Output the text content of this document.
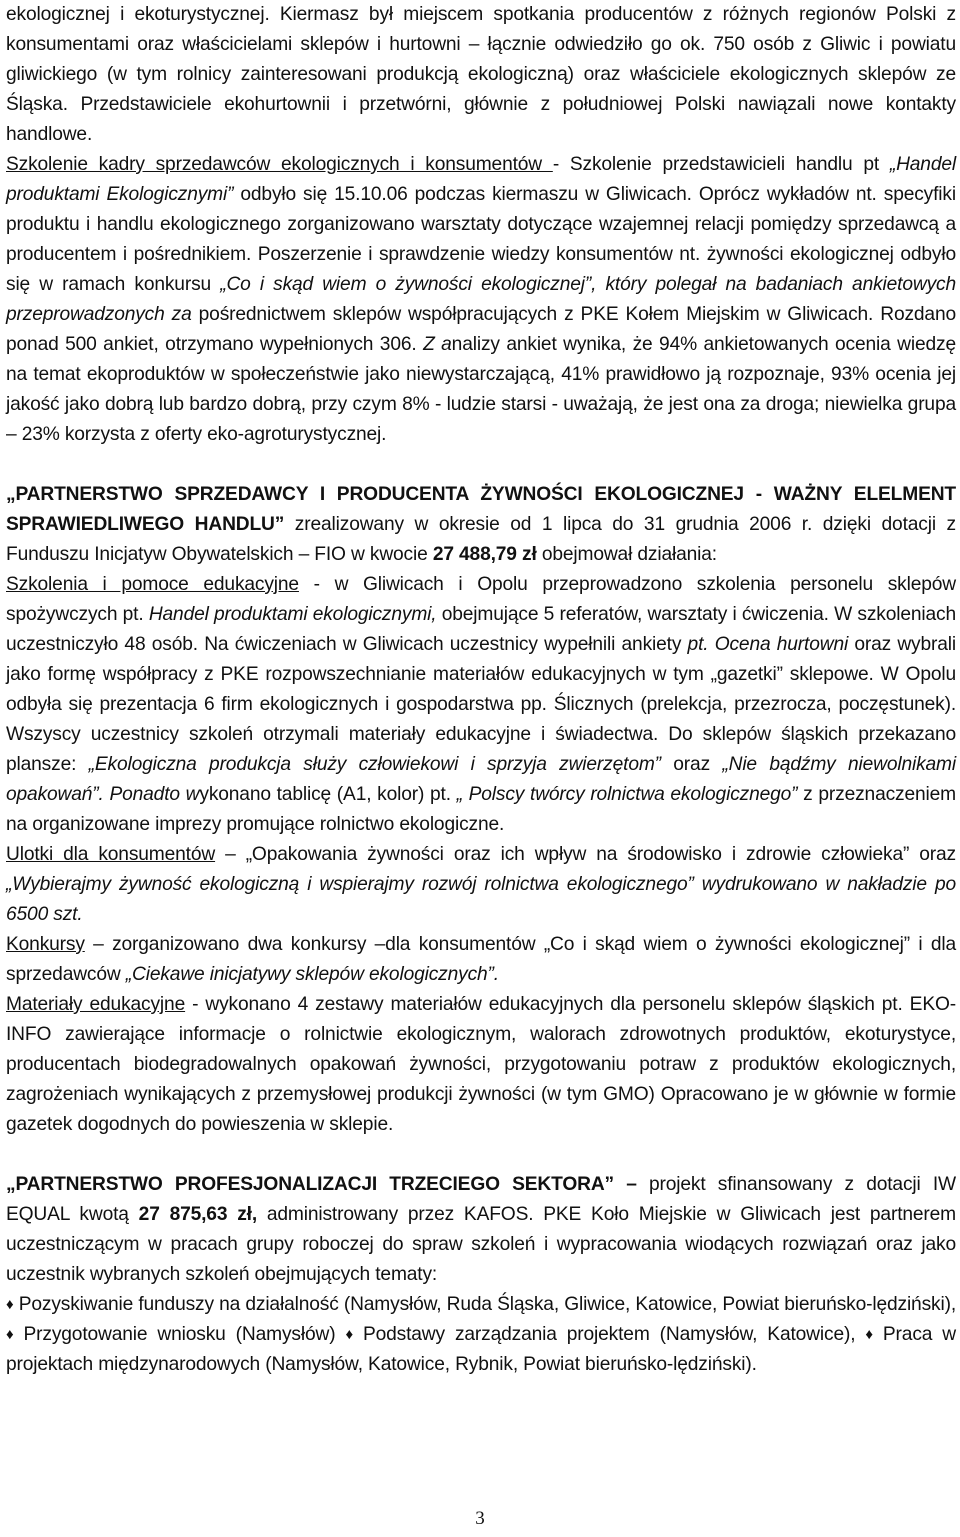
ekologicznej i ekoturystycznej. Kiermasz był miejscem spotkania producentów z różnych regionów Polski z konsumentami oraz właścicielami sklepów i hurtowni – łącznie odwiedziło go ok. 750 osób z Gliwic i powiatu gliwickiego (w tym rolnicy zainteresowani produkcją ekologiczną) oraz właściciele ekologicznych sklepów ze Śląska. Przedstawiciele ekohurtownii i przetwórni, głównie z południowej Polski nawiązali nowe kontakty handlowe.

Szkolenie kadry sprzedawców ekologicznych i konsumentów - Szkolenie przedstawicieli handlu pt „Handel produktami Ekologicznymi” odbyło się 15.10.06 podczas kiermaszu w Gliwicach. Oprócz wykładów nt. specyfiki produktu i handlu ekologicznego zorganizowano warsztaty dotyczące wzajemnej relacji pomiędzy sprzedawcą a producentem i pośrednikiem. Poszerzenie i sprawdzenie wiedzy konsumentów nt. żywności ekologicznej odbyło się w ramach konkursu „Co i skąd wiem o żywności ekologicznej”, który polegał na badaniach ankietowych przeprowadzonych za pośrednictwem sklepów współpracujących z PKE Kołem Miejskim w Gliwicach. Rozdano ponad 500 ankiet, otrzymano wypełnionych 306. Z analizy ankiet wynika, że 94% ankietowanych ocenia wiedzę na temat ekoproduktów w społeczeństwie jako niewystarczającą, 41% prawidłowo ją rozpoznaje, 93% ocenia jej jakość jako dobrą lub bardzo dobrą, przy czym 8% - ludzie starsi - uważają, że jest ona za droga; niewielka grupa – 23% korzysta z oferty eko-agroturystycznej.

„PARTNERSTWO SPRZEDAWCY I PRODUCENTA ŻYWNOŚCI EKOLOGICZNEJ - WAŻNY ELELMENT SPRAWIEDLIWEGO HANDLU” zrealizowany w okresie od 1 lipca do 31 grudnia 2006 r. dzięki dotacji z Funduszu Inicjatyw Obywatelskich – FIO w kwocie 27 488,79 zł obejmował działania:

Szkolenia i pomoce edukacyjne - w Gliwicach i Opolu przeprowadzono szkolenia personelu sklepów spożywczych pt. Handel produktami ekologicznymi, obejmujące 5 referatów, warsztaty i ćwiczenia. W szkoleniach uczestniczyło 48 osób. Na ćwiczeniach w Gliwicach uczestnicy wypełnili ankiety pt. Ocena hurtowni oraz wybrali jako formę współpracy z PKE rozpowszechnianie materiałów edukacyjnych w tym „gazetki” sklepowe. W Opolu odbyła się prezentacja 6 firm ekologicznych i gospodarstwa pp. Ślicznych (prelekcja, przezrocza, poczęstunek). Wszyscy uczestnicy szkoleń otrzymali materiały edukacyjne i świadectwa. Do sklepów śląskich przekazano plansze: „Ekologiczna produkcja służy człowiekowi i sprzyja zwierzętom” oraz „Nie bądźmy niewolnikami opakowań”. Ponadto wykonano tablicę (A1, kolor) pt. „ Polscy twórcy rolnictwa ekologicznego” z przeznaczeniem na organizowane imprezy promujące rolnictwo ekologiczne.

Ulotki dla konsumentów – „Opakowania żywności oraz ich wpływ na środowisko i zdrowie człowieka” oraz „Wybierajmy żywność ekologiczną i wspierajmy rozwój rolnictwa ekologicznego” wydrukowano w nakładzie po 6500 szt.

Konkursy – zorganizowano dwa konkursy –dla konsumentów „Co i skąd wiem o żywności ekologicznej” i dla sprzedawców „Ciekawe inicjatywy sklepów ekologicznych”.

Materiały edukacyjne - wykonano 4 zestawy materiałów edukacyjnych dla personelu sklepów śląskich pt. EKO-INFO zawierające informacje o rolnictwie ekologicznym, walorach zdrowotnych produktów, ekoturystyce, producentach biodegradowalnych opakowań żywności, przygotowaniu potraw z produktów ekologicznych, zagrożeniach wynikających z przemysłowej produkcji żywności (w tym GMO) Opracowano je w głównie w formie gazetek dogodnych do powieszenia w sklepie.

„PARTNERSTWO PROFESJONALIZACJI TRZECIEGO SEKTORA” – projekt sfinansowany z dotacji IW EQUAL kwotą 27 875,63 zł, administrowany przez KAFOS. PKE Koło Miejskie w Gliwicach jest partnerem uczestniczącym w pracach grupy roboczej do spraw szkoleń i wypracowania wiodących rozwiązań oraz jako uczestnik wybranych szkoleń obejmujących tematy:

♦ Pozyskiwanie funduszy na działalność (Namysłów, Ruda Śląska, Gliwice, Katowice, Powiat bieruńsko-lędziński), ♦ Przygotowanie wniosku (Namysłów) ♦ Podstawy zarządzania projektem (Namysłów, Katowice), ♦ Praca w projektach międzynarodowych (Namysłów, Katowice, Rybnik, Powiat bieruńsko-lędziński).

3
